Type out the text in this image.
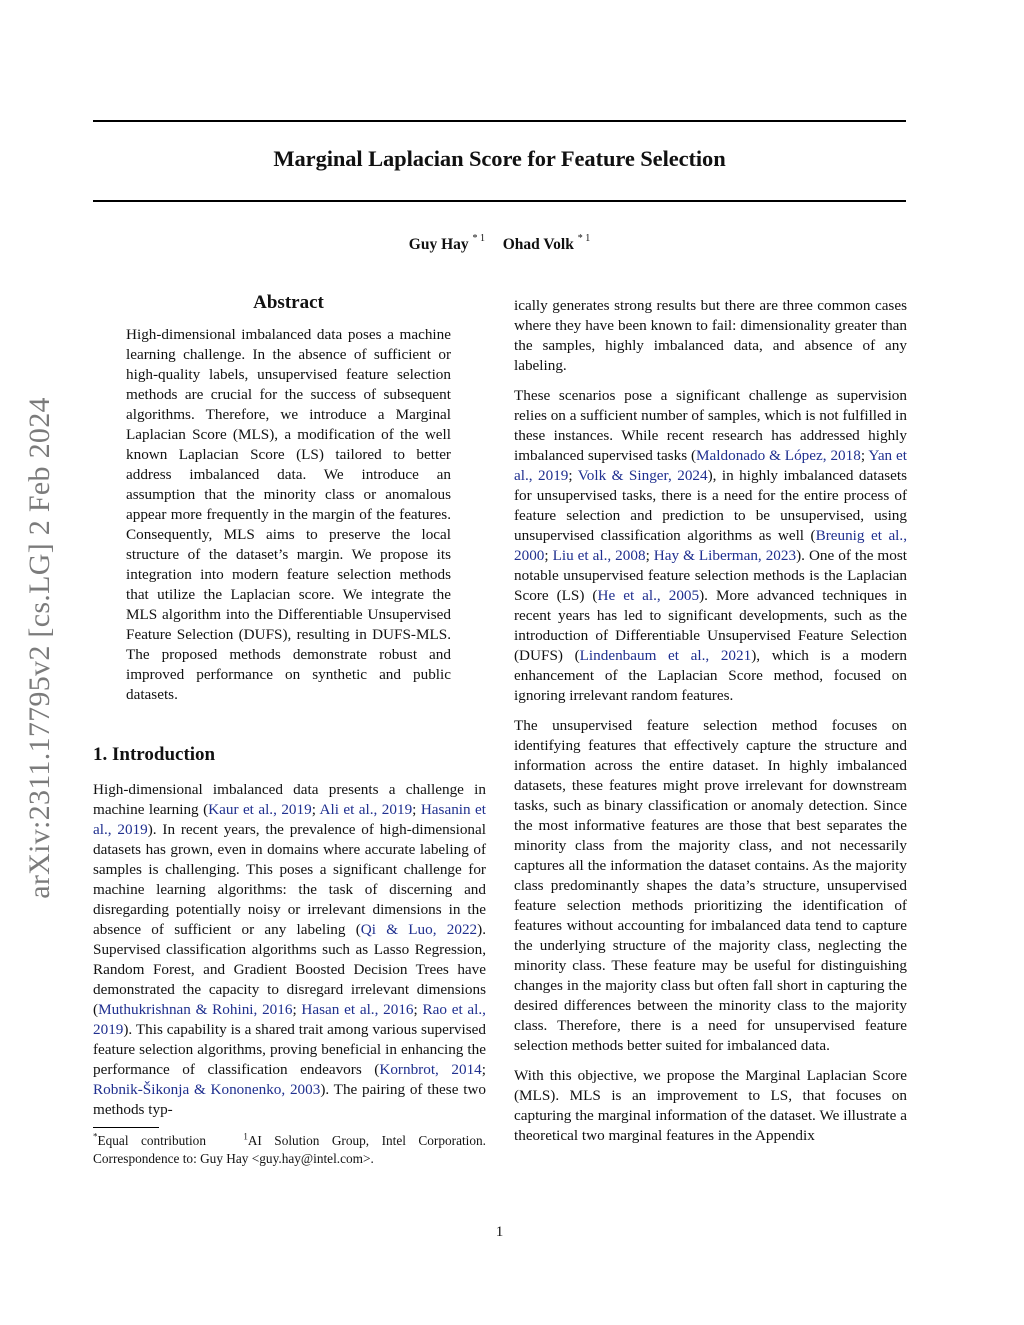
Marginal Laplacian Score for Feature Selection
Guy Hay $^{* 1}$ Ohad Volk $^{* 1}$
arXiv:2311.17795v2 [cs.LG] 2 Feb 2024
Abstract

High-dimensional imbalanced data poses a machine learning challenge. In the absence of sufficient or high-quality labels, unsupervised feature selection methods are crucial for the success of subsequent algorithms. Therefore, we introduce a Marginal Laplacian Score (MLS), a modification of the well known Laplacian Score (LS) tailored to better address imbalanced data. We introduce an assumption that the minority class or anomalous appear more frequently in the margin of the features. Consequently, MLS aims to preserve the local structure of the dataset’s margin. We propose its integration into modern feature selection methods that utilize the Laplacian score. We integrate the MLS algorithm into the Differentiable Unsupervised Feature Selection (DUFS), resulting in DUFS-MLS. The proposed methods demonstrate robust and improved performance on synthetic and public datasets.

1. Introduction

High-dimensional imbalanced data presents a challenge in machine learning (Kaur et al., 2019; Ali et al., 2019; Hasanin et al., 2019). In recent years, the prevalence of high-dimensional datasets has grown, even in domains where accurate labeling of samples is challenging. This poses a significant challenge for machine learning algorithms: the task of discerning and disregarding potentially noisy or irrelevant dimensions in the absence of sufficient or any labeling (Qi & Luo, 2022). Supervised classification algorithms such as Lasso Regression, Random Forest, and Gradient Boosted Decision Trees have demonstrated the capacity to disregard irrelevant dimensions (Muthukrishnan & Rohini, 2016; Hasan et al., 2016; Rao et al., 2019). This capability is a shared trait among various supervised feature selection algorithms, proving beneficial in enhancing the performance of classification endeavors (Kornbrot, 2014; Robnik-Šikonja & Kononenko, 2003). The pairing of these two methods typ-

ically generates strong results but there are three common cases where they have been known to fail: dimensionality greater than the samples, highly imbalanced data, and absence of any labeling.

These scenarios pose a significant challenge as supervision relies on a sufficient number of samples, which is not fulfilled in these instances. While recent research has addressed highly imbalanced supervised tasks (Maldonado & López, 2018; Yan et al., 2019; Volk & Singer, 2024), in highly imbalanced datasets for unsupervised tasks, there is a need for the entire process of feature selection and prediction to be unsupervised, using unsupervised classification algorithms as well (Breunig et al., 2000; Liu et al., 2008; Hay & Liberman, 2023). One of the most notable unsupervised feature selection methods is the Laplacian Score (LS) (He et al., 2005). More advanced techniques in recent years has led to significant developments, such as the introduction of Differentiable Unsupervised Feature Selection (DUFS) (Lindenbaum et al., 2021), which is a modern enhancement of the Laplacian Score method, focused on ignoring irrelevant random features.

The unsupervised feature selection method focuses on identifying features that effectively capture the structure and information across the entire dataset. In highly imbalanced datasets, these features might prove irrelevant for downstream tasks, such as binary classification or anomaly detection. Since the most informative features are those that best separates the minority class from the majority class, and not necessarily captures all the information the dataset contains. As the majority class predominantly shapes the data’s structure, unsupervised feature selection methods prioritizing the identification of features without accounting for imbalanced data tend to capture the underlying structure of the majority class, neglecting the minority class. These feature may be useful for distinguishing changes in the majority class but often fall short in capturing the desired differences between the minority class to the majority class. Therefore, there is a need for unsupervised feature selection methods better suited for imbalanced data.

With this objective, we propose the Marginal Laplacian Score (MLS). MLS is an improvement to LS, that focuses on capturing the marginal information of the dataset. We illustrate a theoretical two marginal features in the Appendix

*Equal contribution	$^1$AI Solution Group, Intel Corporation. Correspondence to: Guy Hay <guy.hay@intel.com>.

1
